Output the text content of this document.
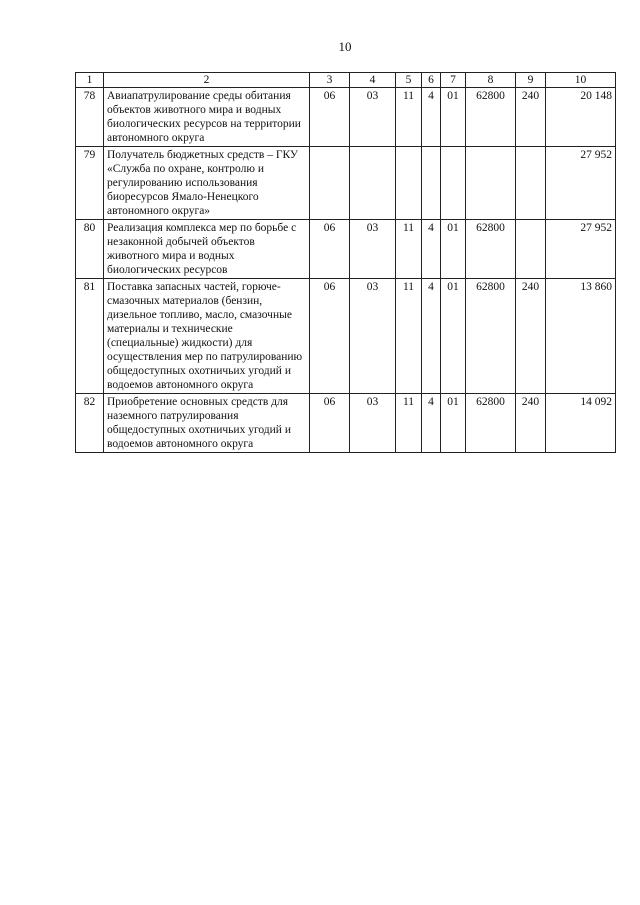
10
1	2	3	4	5	6	7	8	9	10
78	Авиапатрулирование среды обитания объектов животного мира и водных биологических ресурсов на территории автономного округа	06	03	11	4	01	62800	240	20 148
79	Получатель бюджетных средств – ГКУ «Служба по охране, контролю и регулированию использования биоресурсов Ямало-Ненецкого автономного округа»								27 952
80	Реализация комплекса мер по борьбе с незаконной добычей объектов животного мира и водных биологических ресурсов	06	03	11	4	01	62800		27 952
81	Поставка запасных частей, горюче-смазочных материалов (бензин, дизельное топливо, масло, смазочные материалы и технические (специальные) жидкости) для осуществления мер по патрулированию общедоступных охотничьих угодий и водоемов автономного округа	06	03	11	4	01	62800	240	13 860
82	Приобретение основных средств для наземного патрулирования общедоступных охотничьих угодий и водоемов автономного округа	06	03	11	4	01	62800	240	14 092
